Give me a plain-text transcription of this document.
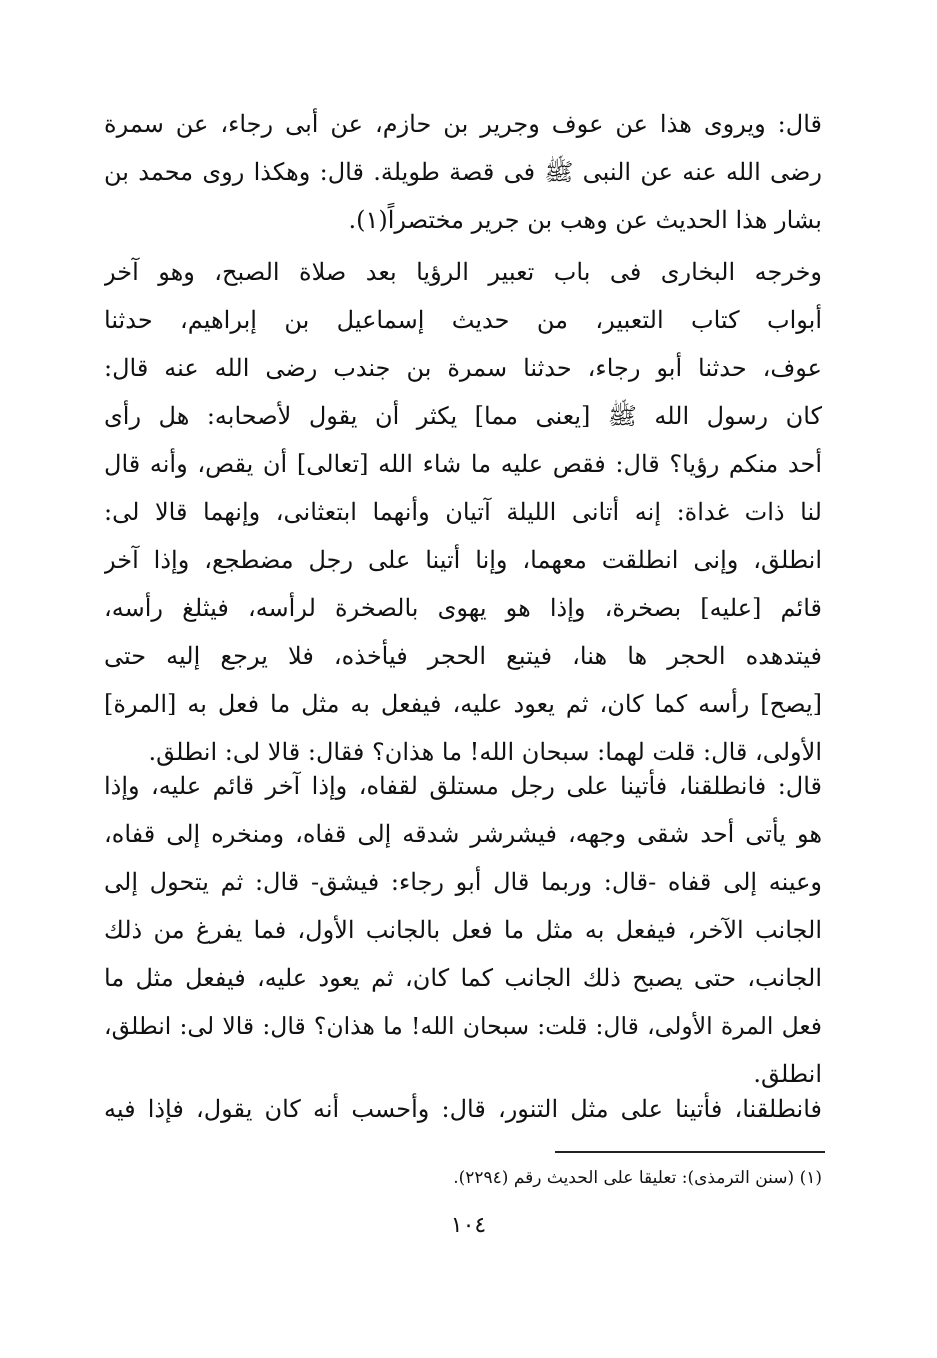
قال: ويروى هذا عن عوف وجرير بن حازم، عن أبى رجاء، عن سمرة
رضى الله عنه عن النبى ﷺ فى قصة طويلة. قال: وهكذا روى محمد بن
بشار هذا الحديث عن وهب بن جرير مختصراً(١).
وخرجه البخارى فى باب تعبير الرؤيا بعد صلاة الصبح، وهو آخر
أبواب كتاب التعبير، من حديث إسماعيل بن إبراهيم، حدثنا
عوف، حدثنا أبو رجاء، حدثنا سمرة بن جندب رضى الله عنه قال:
كان رسول الله ﷺ [يعنى مما] يكثر أن يقول لأصحابه: هل رأى
أحد منكم رؤيا؟ قال: فقص عليه ما شاء الله [تعالى] أن يقص، وأنه قال
لنا ذات غداة: إنه أتانى الليلة آتيان وأنهما ابتعثانى، وإنهما قالا لى:
انطلق، وإنى انطلقت معهما، وإنا أتينا على رجل مضطجع، وإذا آخر
قائم [عليه] بصخرة، وإذا هو يهوى بالصخرة لرأسه، فيثلغ رأسه،
فيتدهده الحجر ها هنا، فيتبع الحجر فيأخذه، فلا يرجع إليه حتى
[يصح] رأسه كما كان، ثم يعود عليه، فيفعل به مثل ما فعل به [المرة]
الأولى، قال: قلت لهما: سبحان الله! ما هذان؟ فقال: قالا لى: انطلق.
قال: فانطلقنا، فأتينا على رجل مستلق لقفاه، وإذا آخر قائم عليه، وإذا
هو يأتى أحد شقى وجهه، فيشرشر شدقه إلى قفاه، ومنخره إلى قفاه،
وعينه إلى قفاه -قال: وربما قال أبو رجاء: فيشق- قال: ثم يتحول إلى
الجانب الآخر، فيفعل به مثل ما فعل بالجانب الأول، فما يفرغ من ذلك
الجانب، حتى يصبح ذلك الجانب كما كان، ثم يعود عليه، فيفعل مثل ما
فعل المرة الأولى، قال: قلت: سبحان الله! ما هذان؟ قال: قالا لى: انطلق،
انطلق.
فانطلقنا، فأتينا على مثل التنور، قال: وأحسب أنه كان يقول، فإذا فيه
(١) (سنن الترمذى): تعليقا على الحديث رقم (٢٢٩٤).
١٠٤
